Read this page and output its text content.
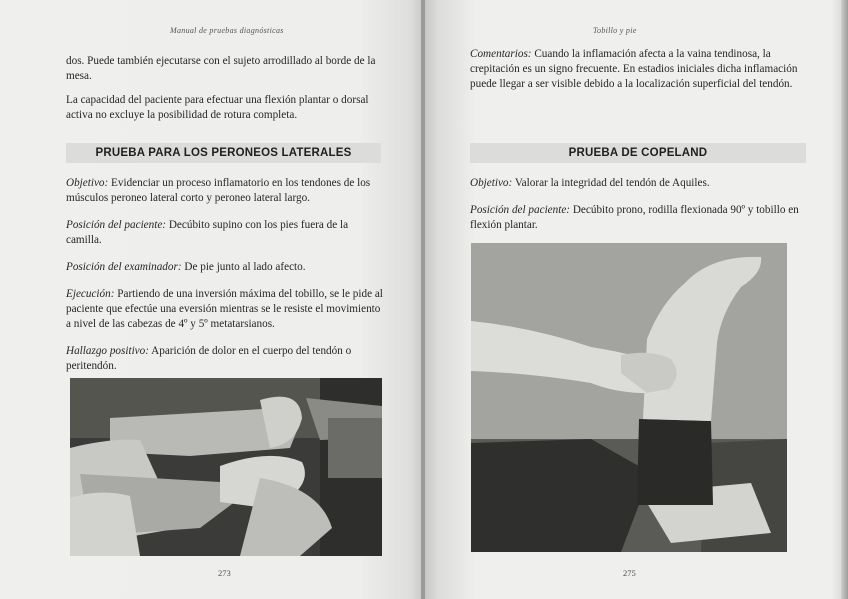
Manual de pruebas diagnósticas

dos. Puede también ejecutarse con el sujeto arrodillado al borde de la mesa.

La capacidad del paciente para efectuar una flexión plantar o dorsal activa no excluye la posibilidad de rotura completa.

PRUEBA PARA LOS PERONEOS LATERALES

Objetivo: Evidenciar un proceso inflamatorio en los tendones de los músculos peroneo lateral corto y peroneo lateral largo.

Posición del paciente: Decúbito supino con los pies fuera de la camilla.

Posición del examinador: De pie junto al lado afecto.

Ejecución: Partiendo de una inversión máxima del tobillo, se le pide al paciente que efectúe una eversión mientras se le resiste el movimiento a nivel de las cabezas de 4º y 5º metatarsianos.

Hallazgo positivo: Aparición de dolor en el cuerpo del tendón o peritendón.

273
Tobillo y pie

Comentarios: Cuando la inflamación afecta a la vaina tendinosa, la crepitación es un signo frecuente. En estadios iniciales dicha inflamación puede llegar a ser visible debido a la localización superficial del tendón.

PRUEBA DE COPELAND

Objetivo: Valorar la integridad del tendón de Aquiles.

Posición del paciente: Decúbito prono, rodilla flexionada 90º y tobillo en flexión plantar.

275
